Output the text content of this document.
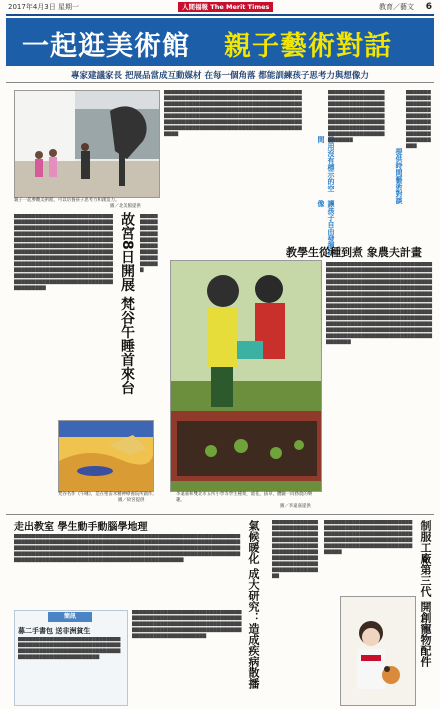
2017年4月3日 星期一	人間福報 The Merit Times	教育／藝文 6
一起逛美術館 親子藝術對話
專家建議家長 把展品當成互動媒材 在每一個角落 都能訓練孩子思考力與想像力
親子一起參觀美術館，可以培養孩子思考力和創造力。
圖／北美館提供
▇▇▇▇▇▇▇▇▇▇▇▇▇▇▇▇▇▇▇▇▇▇▇▇▇▇▇▇▇▇▇▇▇▇▇▇▇▇▇▇▇▇▇▇▇▇▇▇▇▇▇▇▇▇▇▇▇▇▇▇▇▇▇▇▇▇▇▇▇▇▇▇▇▇▇▇▇▇▇▇▇▇▇▇▇▇▇▇▇▇▇▇▇▇▇▇▇▇▇▇▇▇▇▇▇▇▇▇▇▇▇▇▇▇▇▇▇▇▇▇▇▇▇▇▇▇▇▇▇▇▇▇▇▇▇▇▇▇▇▇▇▇▇▇▇▇▇▇▇▇▇▇▇▇▇▇▇▇▇▇▇▇▇▇▇▇▇▇▇▇▇▇▇▇▇▇▇▇▇▇▇▇▇▇▇▇▇▇▇▇▇▇▇▇▇▇▇▇▇▇▇▇▇▇▇▇▇▇▇▇▇▇▇▇▇▇▇▇▇▇▇▇▇▇▇▇▇▇▇▇▇▇▇▇▇▇▇▇▇▇▇▇▇▇▇▇▇▇▇▇▇▇▇▇▇▇▇▇▇▇▇▇▇▇▇▇▇▇▇▇▇▇▇▇▇▇▇
善用沒有標示的空間
讓孩子自由發揮想像
▇▇▇▇▇▇▇▇▇▇▇▇▇▇▇▇▇▇▇▇▇▇▇▇▇▇▇▇▇▇▇▇▇▇▇▇▇▇▇▇▇▇▇▇▇▇▇▇▇▇▇▇▇▇▇▇▇▇▇▇▇▇▇▇▇▇▇▇▇▇▇▇▇▇▇▇▇▇▇▇▇▇▇▇▇▇▇▇▇▇▇▇▇▇▇▇▇▇▇▇▇▇▇▇▇▇▇▇▇▇▇▇▇▇▇▇▇▇▇▇▇▇▇▇▇▇▇▇▇▇▇▇▇▇▇
提供時間藝術對談
▇▇▇▇▇▇▇▇▇▇▇▇▇▇▇▇▇▇▇▇▇▇▇▇▇▇▇▇▇▇▇▇▇▇▇▇▇▇▇▇▇▇▇▇▇▇▇▇▇▇▇▇▇▇▇▇▇▇▇▇▇▇▇▇▇▇
故宮8日開展 梵谷午睡首來台
▇▇▇▇▇▇▇▇▇▇▇▇▇▇▇▇▇▇▇▇▇▇▇▇▇▇▇▇▇▇▇▇▇▇▇▇▇▇▇▇▇▇▇▇▇▇▇▇▇▇▇▇▇▇▇▇▇▇▇▇▇▇▇▇▇▇▇▇▇▇▇▇▇▇▇▇▇▇▇▇▇▇▇▇▇▇▇▇▇▇▇▇▇▇▇▇▇▇▇▇▇▇▇▇▇▇▇▇▇▇▇▇▇▇▇▇▇▇▇▇▇▇▇▇▇▇▇▇▇▇▇▇▇▇▇▇▇▇▇▇▇▇▇▇▇▇▇▇▇▇▇▇▇▇▇▇▇▇▇▇▇▇▇▇▇▇▇▇▇▇▇▇▇▇▇▇▇▇▇▇▇▇▇▇▇▇▇▇▇▇▇▇▇▇▇▇▇▇▇▇▇▇▇▇▇▇▇▇▇▇▇▇▇▇▇▇▇▇▇▇▇▇▇▇▇▇▇▇▇▇▇▇▇▇▇▇▇▇▇▇▇▇▇▇▇▇▇▇▇▇▇▇▇▇▇▇▇▇▇▇▇▇▇▇▇▇▇▇▇▇▇▇▇▇▇▇▇▇▇▇▇▇▇▇▇▇▇▇▇▇▇▇▇▇▇▇▇▇▇▇▇▇▇▇▇▇▇▇▇▇▇▇▇▇▇▇▇▇▇▇▇▇▇▇▇▇▇▇▇▇▇▇▇▇▇▇▇▇▇▇▇▇▇▇▇
▇▇▇▇▇▇▇▇▇▇▇▇▇▇▇▇▇▇▇▇▇▇▇▇▇▇▇▇▇▇▇▇▇▇▇▇▇▇▇▇▇▇▇▇▇▇
梵谷名作《午睡》，是在聖雷米精神療養院所創作。
圖／故宮提供
教學生從種到煮 象農夫計畫
李遠嘉和雙北市五所小學等學生種菜，澆花，拔草，體驗一同務農的樂趣。
圖／李遠嘉提供
▇▇▇▇▇▇▇▇▇▇▇▇▇▇▇▇▇▇▇▇▇▇▇▇▇▇▇▇▇▇▇▇▇▇▇▇▇▇▇▇▇▇▇▇▇▇▇▇▇▇▇▇▇▇▇▇▇▇▇▇▇▇▇▇▇▇▇▇▇▇▇▇▇▇▇▇▇▇▇▇▇▇▇▇▇▇▇▇▇▇▇▇▇▇▇▇▇▇▇▇▇▇▇▇▇▇▇▇▇▇▇▇▇▇▇▇▇▇▇▇▇▇▇▇▇▇▇▇▇▇▇▇▇▇▇▇▇▇▇▇▇▇▇▇▇▇▇▇▇▇▇▇▇▇▇▇▇▇▇▇▇▇▇▇▇▇▇▇▇▇▇▇▇▇▇▇▇▇▇▇▇▇▇▇▇▇▇▇▇▇▇▇▇▇▇▇▇▇▇▇▇▇▇▇▇▇▇▇▇▇▇▇▇▇▇▇▇▇▇▇▇▇▇▇▇▇▇▇▇▇▇▇▇▇▇▇▇▇▇▇▇▇▇▇▇▇▇▇▇▇▇▇▇▇▇▇▇▇▇▇▇▇▇▇▇▇▇▇▇▇▇▇▇▇▇▇▇▇▇▇▇▇▇▇▇▇▇▇▇▇▇▇▇▇▇▇▇▇▇▇▇▇▇▇▇▇▇▇▇▇▇▇▇▇▇▇▇▇▇▇▇▇▇▇▇▇▇▇▇▇▇▇▇▇▇▇▇▇▇▇▇▇▇▇▇▇▇▇▇▇▇▇▇▇▇▇▇▇▇▇▇▇▇▇▇▇▇▇▇▇▇▇▇▇▇▇▇▇▇▇▇▇▇▇▇▇▇▇▇▇▇▇▇▇▇▇▇
走出教室 學生動手動腦學地理
▇▇▇▇▇▇▇▇▇▇▇▇▇▇▇▇▇▇▇▇▇▇▇▇▇▇▇▇▇▇▇▇▇▇▇▇▇▇▇▇▇▇▇▇▇▇▇▇▇▇▇▇▇▇▇▇▇▇▇▇▇▇▇▇▇▇▇▇▇▇▇▇▇▇▇▇▇▇▇▇▇▇▇▇▇▇▇▇▇▇▇▇▇▇▇▇▇▇▇▇▇▇▇▇▇▇▇▇▇▇▇▇▇▇▇▇▇▇▇▇▇▇▇▇▇▇▇▇▇▇▇▇▇▇▇▇▇▇▇▇▇▇▇▇▇▇▇▇▇▇▇▇▇▇▇▇▇▇▇▇▇▇▇▇▇▇▇▇▇▇▇▇▇▇▇▇▇▇▇▇▇▇▇▇▇▇▇▇▇▇▇▇▇▇▇▇▇▇▇▇▇▇▇▇▇▇▇▇▇▇▇▇▇▇▇▇▇▇▇▇▇▇▇▇▇▇▇▇▇▇▇▇▇▇▇▇▇▇▇▇▇▇▇▇▇▇▇▇▇▇▇▇▇▇▇▇▇▇▇▇▇▇▇▇▇▇▇▇▇▇▇▇▇▇▇▇▇▇▇▇▇▇▇▇▇▇▇▇▇▇▇▇▇▇▇▇▇▇▇▇▇▇▇▇
簡訊
募二手書包 送非洲貧生
▇▇▇▇▇▇▇▇▇▇▇▇▇▇▇▇▇▇▇▇▇▇▇▇▇▇▇▇▇▇▇▇▇▇▇▇▇▇▇▇▇▇▇▇▇▇▇▇▇▇▇▇▇▇▇▇▇▇▇▇▇▇▇▇▇▇▇▇▇▇▇▇▇▇▇▇▇▇▇▇▇▇▇▇▇▇▇▇▇▇▇▇▇▇▇▇▇▇▇▇▇▇▇▇▇▇▇▇▇▇
▇▇▇▇▇▇▇▇▇▇▇▇▇▇▇▇▇▇▇▇▇▇▇▇▇▇▇▇▇▇▇▇▇▇▇▇▇▇▇▇▇▇▇▇▇▇▇▇▇▇▇▇▇▇▇▇▇▇▇▇▇▇▇▇▇▇▇▇▇▇▇▇▇▇▇▇▇▇▇▇▇▇▇▇▇▇▇▇▇▇▇▇▇▇▇▇▇▇▇▇▇▇▇▇▇▇▇▇▇▇▇▇▇▇▇▇▇▇▇▇▇▇▇▇▇▇▇▇▇▇▇▇▇▇▇▇▇▇▇▇▇▇▇▇▇	氣候暖化 成大研究：造成疾病散播	▇▇▇▇▇▇▇▇▇▇▇▇▇▇▇▇▇▇▇▇▇▇▇▇▇▇▇▇▇▇▇▇▇▇▇▇▇▇▇▇▇▇▇▇▇▇▇▇▇▇▇▇▇▇▇▇▇▇▇▇▇▇▇▇▇▇▇▇▇▇▇▇▇▇▇▇▇▇▇▇▇▇▇▇▇▇▇▇▇▇▇▇▇▇▇▇▇▇▇▇▇▇▇▇▇▇▇▇▇▇▇▇▇▇▇▇▇▇▇	制服工廠第三代 開創寵物配件
▇▇▇▇▇▇▇▇▇▇▇▇▇▇▇▇▇▇▇▇▇▇▇▇▇▇▇▇▇▇▇▇▇▇▇▇▇▇▇▇▇▇▇▇▇▇▇▇▇▇▇▇▇▇▇▇▇▇▇▇▇▇▇▇▇▇▇▇▇▇▇▇▇▇▇▇▇▇▇▇▇▇▇▇▇▇▇▇▇▇▇▇▇▇▇▇▇▇▇▇▇▇▇▇▇▇▇▇▇▇▇▇▇▇▇▇▇▇▇▇▇▇▇▇▇▇▇▇▇▇
